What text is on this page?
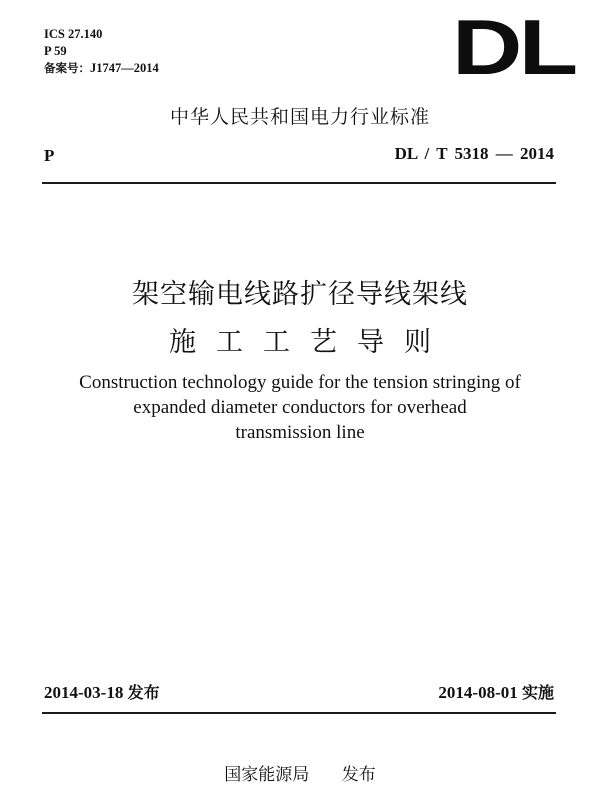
ICS 27.140
P 59
备案号：J1747—2014	DL
中华人民共和国电力行业标准
P	DL / T 5318 — 2014
架空输电线路扩径导线架线
施工工艺导则
Construction technology guide for the tension stringing of
expanded diameter conductors for overhead
transmission line
2014-03-18 发布	2014-08-01 实施
国家能源局 发布
